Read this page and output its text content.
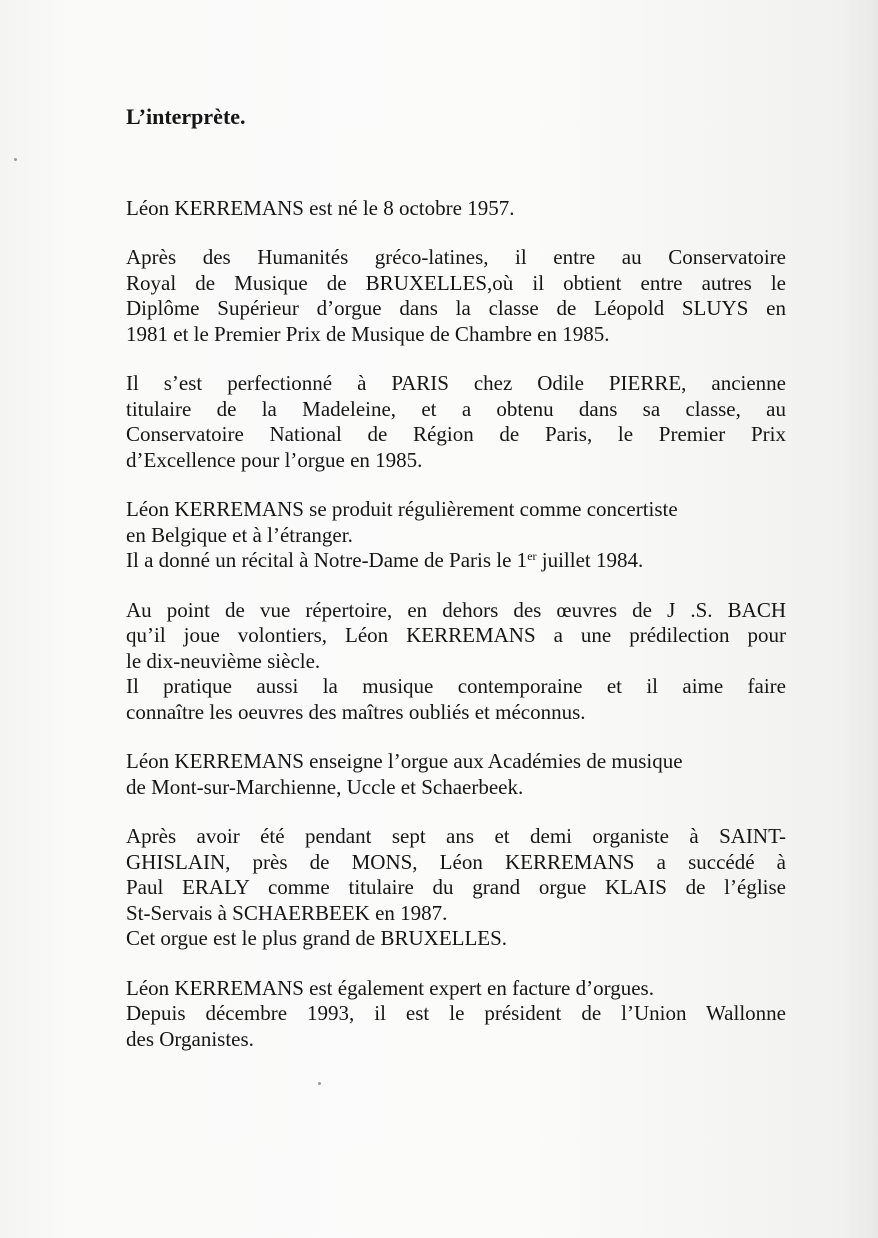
L’interprète.
Léon KERREMANS est né le 8 octobre 1957.
Après des Humanités gréco-latines, il entre au Conservatoire
Royal de Musique de BRUXELLES,où il obtient entre autres le
Diplôme Supérieur d’orgue dans la classe de Léopold SLUYS en
1981 et le Premier Prix de Musique de Chambre en 1985.
Il s’est perfectionné à PARIS chez Odile PIERRE, ancienne
titulaire de la Madeleine, et a obtenu dans sa classe, au
Conservatoire National de Région de Paris, le Premier Prix
d’Excellence pour l’orgue en 1985.
Léon KERREMANS se produit régulièrement comme concertiste
en Belgique et à l’étranger.
Il a donné un récital à Notre-Dame de Paris le 1er juillet 1984.
Au point de vue répertoire, en dehors des œuvres de J .S. BACH
qu’il joue volontiers, Léon KERREMANS a une prédilection pour
le dix-neuvième siècle.
Il pratique aussi la musique contemporaine et il aime faire
connaître les oeuvres des maîtres oubliés et méconnus.
Léon KERREMANS enseigne l’orgue aux Académies de musique
de Mont-sur-Marchienne, Uccle et Schaerbeek.
Après avoir été pendant sept ans et demi organiste à SAINT-
GHISLAIN, près de MONS, Léon KERREMANS a succédé à
Paul ERALY comme titulaire du grand orgue KLAIS de l’église
St-Servais à SCHAERBEEK en 1987.
Cet orgue est le plus grand de BRUXELLES.
Léon KERREMANS est également expert en facture d’orgues.
Depuis décembre 1993, il est le président de l’Union Wallonne
des Organistes.
